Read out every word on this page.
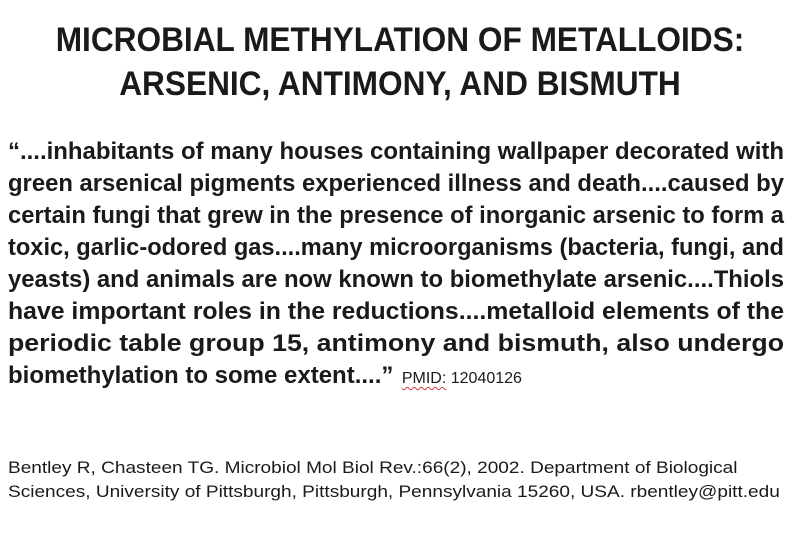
MICROBIAL METHYLATION OF METALLOIDS:
ARSENIC, ANTIMONY, AND BISMUTH
“....inhabitants of many houses containing wallpaper decorated with
green arsenical pigments experienced illness and death....caused by
certain fungi that grew in the presence of inorganic arsenic to form a
toxic, garlic-odored gas....many microorganisms (bacteria, fungi, and
yeasts) and animals are now known to biomethylate arsenic....Thiols
have important roles in the reductions....metalloid elements of the
periodic table group 15, antimony and bismuth, also undergo
biomethylation to some extent....” PMID: 12040126
Bentley R, Chasteen TG. Microbiol Mol Biol Rev.:66(2), 2002. Department of Biological
Sciences, University of Pittsburgh, Pittsburgh, Pennsylvania 15260, USA. rbentley@pitt.edu
